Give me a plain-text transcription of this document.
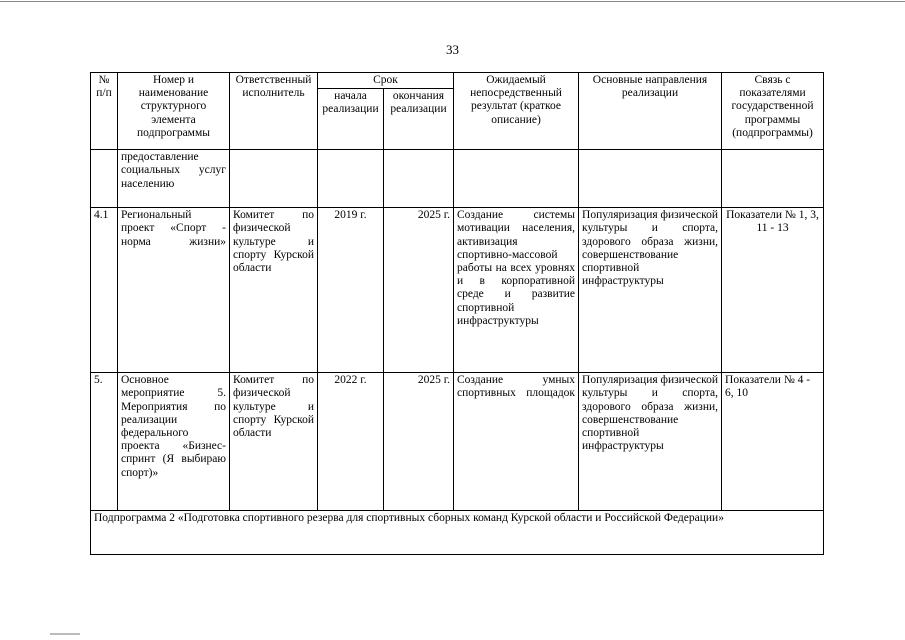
33
№ п/п	Номер и наименование структурного элемента подпрограммы	Ответственный исполнитель	Срок		Ожидаемый непосредственный результат (краткое описание)	Основные направления реализации	Связь с показателями государственной программы (подпрограммы)
			начала реализации	окончания реализации			
	предоставление социальных услуг населению						
4.1	Региональный проект «Спорт - норма жизни»	Комитет по физической культуре и спорту Курской области	2019 г.	2025 г.	Создание системы мотивации населения, активизация спортивно-массовой работы на всех уровнях и в корпоративной среде и развитие спортивной инфраструктуры	Популяризация физической культуры и спорта, здорового образа жизни, совершенствование спортивной инфраструктуры	Показатели № 1, 3, 11 - 13
5.	Основное мероприятие 5. Мероприятия по реализации федерального проекта «Бизнес-спринт (Я выбираю спорт)»	Комитет по физической культуре и спорту Курской области	2022 г.	2025 г.	Создание умных спортивных площадок	Популяризация физической культуры и спорта, здорового образа жизни, совершенствование спортивной инфраструктуры	Показатели № 4 - 6, 10
Подпрограмма 2 «Подготовка спортивного резерва для спортивных сборных команд Курской области и Российской Федерации»							
